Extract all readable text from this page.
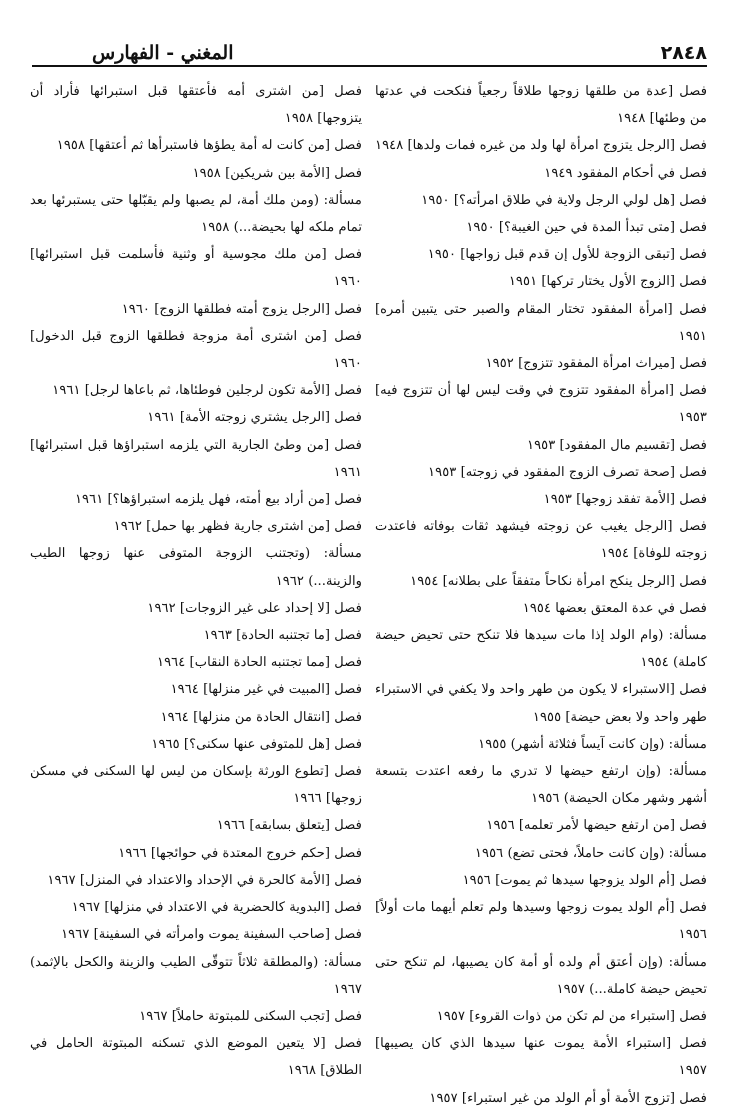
٢٨٤٨
المغني - الفهارس

فصل [عدة من طلقها زوجها طلاقاً رجعياً فنكحت في عدتها من وطئها] ١٩٤٨

فصل [الرجل يتزوج امرأة لها ولد من غيره فمات ولدها] ١٩٤٨

فصل في أحكام المفقود ١٩٤٩

فصل [هل لولي الرجل ولاية في طلاق امرأته؟] ١٩٥٠

فصل [متى تبدأ المدة في حين الغيبة؟] ١٩٥٠

فصل [تبقى الزوجة للأول إن قدم قبل زواجها] ١٩٥٠

فصل [الزوج الأول يختار تركها] ١٩٥١

فصل [امرأة المفقود تختار المقام والصبر حتى يتبين أمره] ١٩٥١

فصل [ميراث امرأة المفقود تتزوج] ١٩٥٢

فصل [امرأة المفقود تتزوج في وقت ليس لها أن تتزوج فيه] ١٩٥٣

فصل [تقسيم مال المفقود] ١٩٥٣

فصل [صحة تصرف الزوج المفقود في زوجته] ١٩٥٣

فصل [الأمة تفقد زوجها] ١٩٥٣

فصل [الرجل يغيب عن زوجته فيشهد ثقات بوفاته فاعتدت زوجته للوفاة] ١٩٥٤

فصل [الرجل ينكح امرأة نكاحاً متفقاً على بطلانه] ١٩٥٤

فصل في عدة المعتق بعضها ١٩٥٤

مسألة: (وام الولد إذا مات سيدها فلا تنكح حتى تحيض حيضة كاملة) ١٩٥٤

فصل [الاستبراء لا يكون من طهر واحد ولا يكفي في الاستبراء طهر واحد ولا بعض حيضة] ١٩٥٥

مسألة: (وإن كانت آيساً فثلاثة أشهر) ١٩٥٥

مسألة: (وإن ارتفع حيضها لا تدري ما رفعه اعتدت بتسعة أشهر وشهر مكان الحيضة) ١٩٥٦

فصل [من ارتفع حيضها لأمر تعلمه] ١٩٥٦

مسألة: (وإن كانت حاملاً، فحتى تضع) ١٩٥٦

فصل [أم الولد يزوجها سيدها ثم يموت] ١٩٥٦

فصل [أم الولد يموت زوجها وسيدها ولم تعلم أيهما مات أولاً] ١٩٥٦

مسألة: (وإن أعتق أم ولده أو أمة كان يصيبها، لم تنكح حتى تحيض حيضة كاملة...) ١٩٥٧

فصل [استبراء من لم تكن من ذوات القروء] ١٩٥٧

فصل [استبراء الأمة يموت عنها سيدها الذي كان يصيبها] ١٩٥٧

فصل [تزوج الأمة أو أم الولد من غير استبراء] ١٩٥٧

فصل [من اشترى أمه فأعتقها قبل استبرائها فأراد أن يتزوجها] ١٩٥٨

فصل [من كانت له أمة يطؤها فاستبرأها ثم أعتقها] ١٩٥٨

فصل [الأمة بين شريكين] ١٩٥٨

مسألة: (ومن ملك أمة، لم يصبها ولم يقبّلها حتى يستبرئها بعد تمام ملكه لها بحيضة...) ١٩٥٨

فصل [من ملك مجوسية أو وثنية فأسلمت قبل استبرائها] ١٩٦٠

فصل [الرجل يزوج أمته فطلقها الزوج] ١٩٦٠

فصل [من اشترى أمة مزوجة فطلقها الزوج قبل الدخول] ١٩٦٠

فصل [الأمة تكون لرجلين فوطئاها، ثم باعاها لرجل] ١٩٦١

فصل [الرجل يشتري زوجته الأمة] ١٩٦١

فصل [من وطئ الجارية التي يلزمه استبراؤها قبل استبرائها] ١٩٦١

فصل [من أراد بيع أمته، فهل يلزمه استبراؤها؟] ١٩٦١

فصل [من اشترى جارية فظهر بها حمل] ١٩٦٢

مسألة: (وتجتنب الزوجة المتوفى عنها زوجها الطيب والزينة...) ١٩٦٢

فصل [لا إحداد على غير الزوجات] ١٩٦٢

فصل [ما تجتنبه الحادة] ١٩٦٣

فصل [مما تجتنبه الحادة النقاب] ١٩٦٤

فصل [المبيت في غير منزلها] ١٩٦٤

فصل [انتقال الحادة من منزلها] ١٩٦٤

فصل [هل للمتوفى عنها سكنى؟] ١٩٦٥

فصل [تطوع الورثة بإسكان من ليس لها السكنى في مسكن زوجها] ١٩٦٦

فصل [يتعلق بسابقه] ١٩٦٦

فصل [حكم خروج المعتدة في حوائجها] ١٩٦٦

فصل [الأمة كالحرة في الإحداد والاعتداد في المنزل] ١٩٦٧

فصل [البدوية كالحضرية في الاعتداد في منزلها] ١٩٦٧

فصل [صاحب السفينة يموت وامرأته في السفينة] ١٩٦٧

مسألة: (والمطلقة ثلاثاً تتوقّى الطيب والزينة والكحل بالإثمد) ١٩٦٧

فصل [تجب السكنى للمبتوتة حاملاً] ١٩٦٧

فصل [لا يتعين الموضع الذي تسكنه المبتوتة الحامل في الطلاق] ١٩٦٨
